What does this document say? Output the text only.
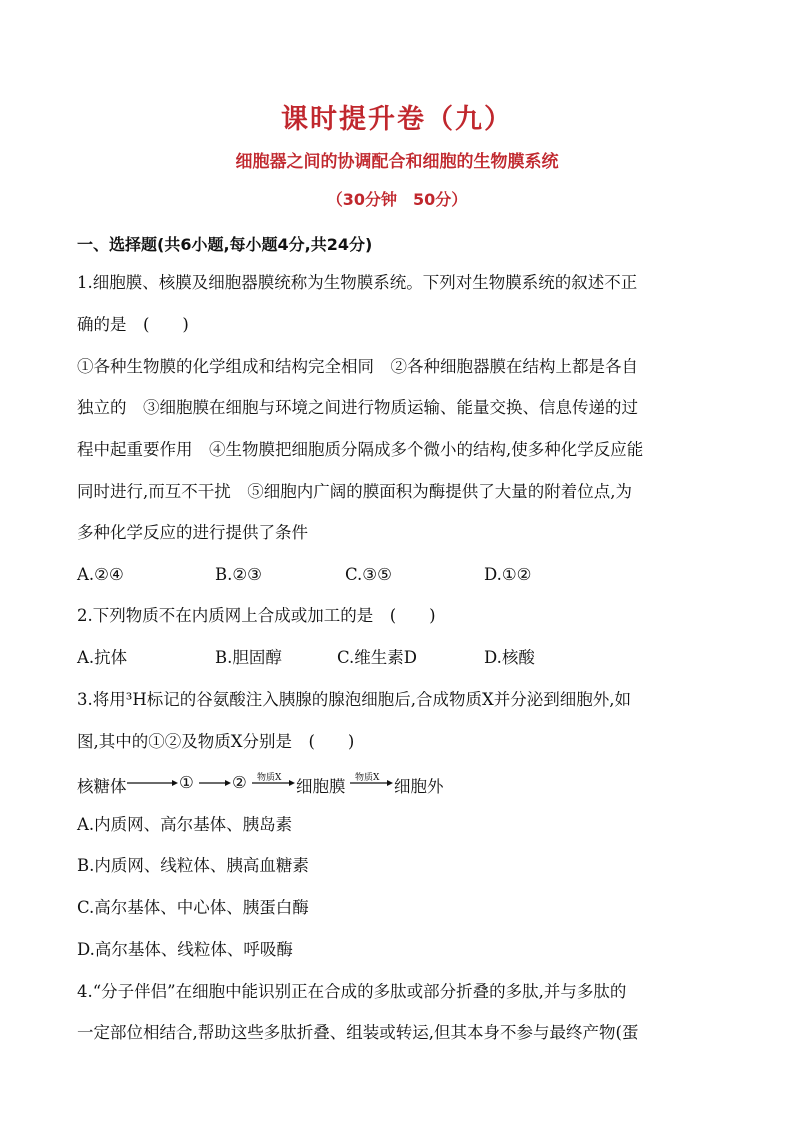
课时提升卷（九）
细胞器之间的协调配合和细胞的生物膜系统
（30分钟　50分）
一、选择题(共6小题,每小题4分,共24分)
1.细胞膜、核膜及细胞器膜统称为生物膜系统。下列对生物膜系统的叙述不正
确的是　(　　)
①各种生物膜的化学组成和结构完全相同　②各种细胞器膜在结构上都是各自
独立的　③细胞膜在细胞与环境之间进行物质运输、能量交换、信息传递的过
程中起重要作用　④生物膜把细胞质分隔成多个微小的结构,使多种化学反应能
同时进行,而互不干扰　⑤细胞内广阔的膜面积为酶提供了大量的附着位点,为
多种化学反应的进行提供了条件
A.②④	B.②③	C.③⑤	D.①②
2.下列物质不在内质网上合成或加工的是　(　　)
A.抗体	B.胆固醇	C.维生素D	D.核酸
3.将用³H标记的谷氨酸注入胰腺的腺泡细胞后,合成物质X并分泌到细胞外,如
图,其中的①②及物质X分别是　(　　)
核糖体	① ② 物质X 细胞膜 物质X 细胞外
A.内质网、高尔基体、胰岛素
B.内质网、线粒体、胰高血糖素
C.高尔基体、中心体、胰蛋白酶
D.高尔基体、线粒体、呼吸酶
4.“分子伴侣”在细胞中能识别正在合成的多肽或部分折叠的多肽,并与多肽的
一定部位相结合,帮助这些多肽折叠、组装或转运,但其本身不参与最终产物(蛋
